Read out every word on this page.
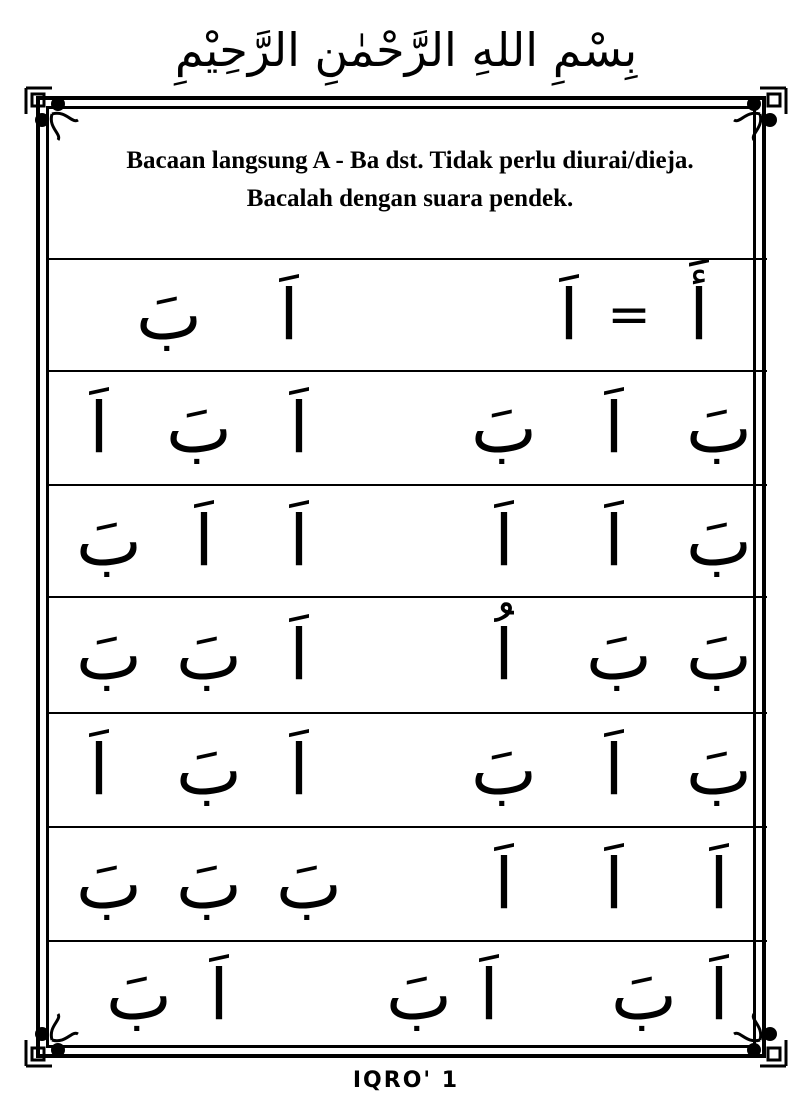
بِسْمِ اللهِ الرَّحْمٰنِ الرَّحِيْمِ
Bacaan langsung A - Ba dst. Tidak perlu diurai/dieja.
Bacalah dengan suara pendek.
أَ
=
اَ
اَ
بَ
بَ
اَ
بَ
اَ
بَ
اَ
بَ
اَ
اَ
اَ
اَ
بَ
بَ
بَ
اُ
اَ
بَ
بَ
بَ
اَ
بَ
اَ
بَ
اَ
اَ
اَ
اَ
بَ
بَ
بَ
اَ
بَ
اَ
بَ
اَ
بَ
IQRO' 1
